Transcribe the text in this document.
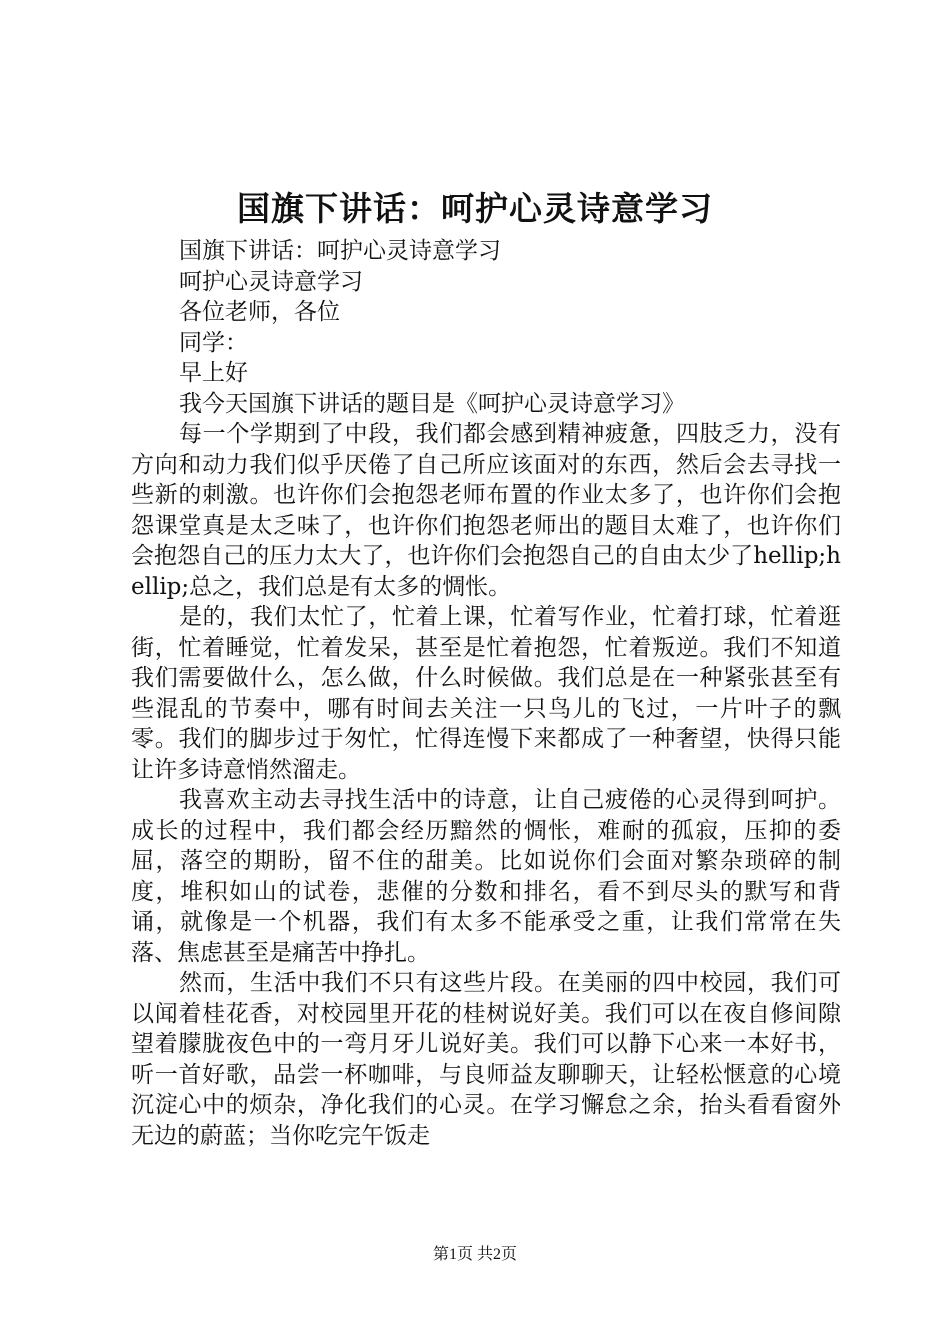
国旗下讲话：呵护心灵诗意学习

国旗下讲话：呵护心灵诗意学习

呵护心灵诗意学习

各位老师，各位

同学：

早上好

我今天国旗下讲话的题目是《呵护心灵诗意学习》

每一个学期到了中段，我们都会感到精神疲惫，四肢乏力，没有方向和动力我们似乎厌倦了自己所应该面对的东西，然后会去寻找一些新的刺激。也许你们会抱怨老师布置的作业太多了，也许你们会抱怨课堂真是太乏味了，也许你们抱怨老师出的题目太难了，也许你们会抱怨自己的压力太大了，也许你们会抱怨自己的自由太少了hellip;hellip;总之，我们总是有太多的惆怅。

是的，我们太忙了，忙着上课，忙着写作业，忙着打球，忙着逛街，忙着睡觉，忙着发呆，甚至是忙着抱怨，忙着叛逆。我们不知道我们需要做什么，怎么做，什么时候做。我们总是在一种紧张甚至有些混乱的节奏中，哪有时间去关注一只鸟儿的飞过，一片叶子的飘零。我们的脚步过于匆忙，忙得连慢下来都成了一种奢望，快得只能让许多诗意悄然溜走。

我喜欢主动去寻找生活中的诗意，让自己疲倦的心灵得到呵护。成长的过程中，我们都会经历黯然的惆怅，难耐的孤寂，压抑的委屈，落空的期盼，留不住的甜美。比如说你们会面对繁杂琐碎的制度，堆积如山的试卷，悲催的分数和排名，看不到尽头的默写和背诵，就像是一个机器，我们有太多不能承受之重，让我们常常在失落、焦虑甚至是痛苦中挣扎。

然而，生活中我们不只有这些片段。在美丽的四中校园，我们可以闻着桂花香，对校园里开花的桂树说好美。我们可以在夜自修间隙望着朦胧夜色中的一弯月牙儿说好美。我们可以静下心来一本好书，听一首好歌，品尝一杯咖啡，与良师益友聊聊天，让轻松惬意的心境沉淀心中的烦杂，净化我们的心灵。在学习懈怠之余，抬头看看窗外无边的蔚蓝；当你吃完午饭走

第1页 共2页
